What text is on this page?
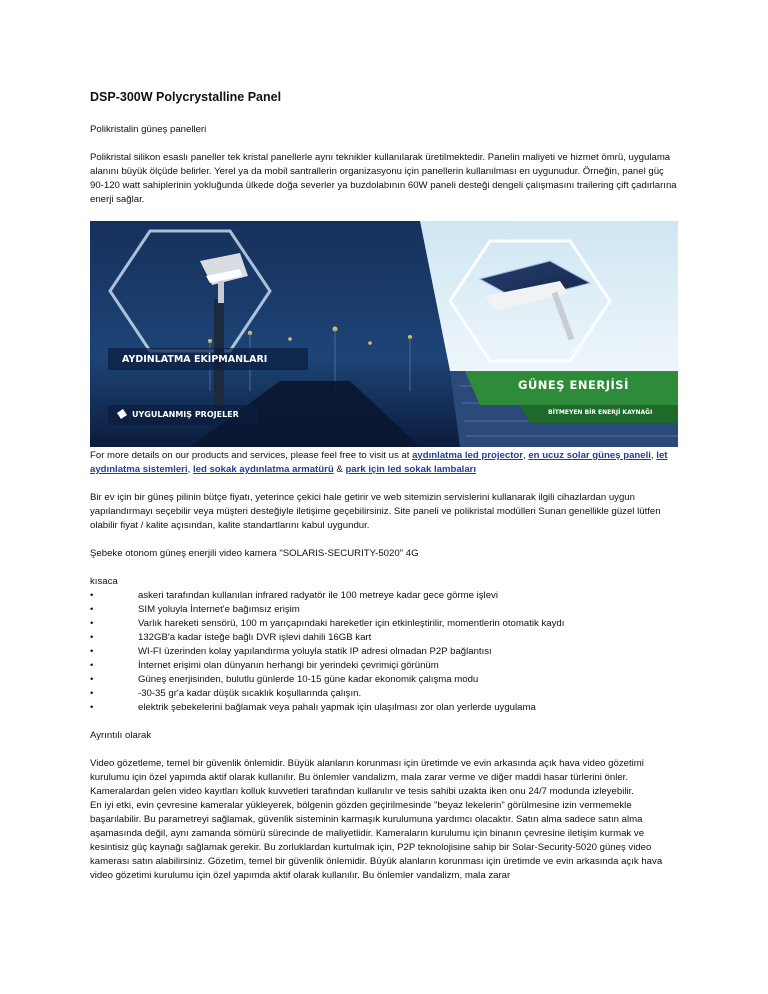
DSP-300W Polycrystalline Panel
Polikristalin güneş panelleri
Polikristal silikon esaslı paneller tek kristal panellerle aynı teknikler kullanılarak üretilmektedir. Panelin maliyeti ve hizmet ömrü, uygulama alanını büyük ölçüde belirler. Yerel ya da mobil santrallerin organizasyonu için panellerin kullanılması en uygunudur. Örneğin, panel güç 90-120 watt sahiplerinin yokluğunda ülkede doğa severler ya buzdolabının 60W paneli desteği dengeli çalışmasını trailering çift çadırlarına enerji sağlar.
AYDINLATMA EKİPMANLARI
UYGULANMIŞ PROJELER
GÜNEŞ ENERJİSİ
BİTMEYEN BİR ENERJİ KAYNAĞI
For more details on our products and services, please feel free to visit us at aydınlatma led projector, en ucuz solar güneş paneli, let aydınlatma sistemleri, led sokak aydınlatma armatürü & park için led sokak lambaları
Bir ev için bir güneş pilinin bütçe fiyatı, yeterince çekici hale getirir ve web sitemizin servislerini kullanarak ilgili cihazlardan uygun yapılandırmayı seçebilir veya müşteri desteğiyle iletişime geçebilirsiniz. Site paneli ve polikristal modülleri Sunan genellikle güzel lütfen olabilir fiyat / kalite açısından, kalite standartlarını kabul uygundur.
Şebeke otonom güneş enerjili video kamera "SOLARIS-SECURITY-5020" 4G
kısaca
•	askeri tarafından kullanılan infrared radyatör ile 100 metreye kadar gece görme işlevi
•	SIM yoluyla İnternet'e bağımsız erişim
•	Varlık hareketi sensörü, 100 m yarıçapındaki hareketler için etkinleştirilir, momentlerin otomatik kaydı
•	132GB'a kadar isteğe bağlı DVR işlevi dahili 16GB kart
•	WI-FI üzerinden kolay yapılandırma yoluyla statik IP adresi olmadan P2P bağlantısı
•	İnternet erişimi olan dünyanın herhangi bir yerindeki çevrimiçi görünüm
•	Güneş enerjisinden, bulutlu günlerde 10-15 güne kadar ekonomik çalışma modu
•	-30-35 gr'a kadar düşük sıcaklık koşullarında çalışın.
•	elektrik şebekelerini bağlamak veya pahalı yapmak için ulaşılması zor olan yerlerde uygulama
Ayrıntılı olarak
Video gözetleme, temel bir güvenlik önlemidir. Büyük alanların korunması için üretimde ve evin arkasında açık hava video gözetimi kurulumu için özel yapımda aktif olarak kullanılır. Bu önlemler vandalizm, mala zarar verme ve diğer maddi hasar türlerini önler. Kameralardan gelen video kayıtları kolluk kuvvetleri tarafından kullanılır ve tesis sahibi uzakta iken onu 24/7 modunda izleyebilir.
En iyi etki, evin çevresine kameralar yükleyerek, bölgenin gözden geçirilmesinde "beyaz lekelerin" görülmesine izin vermemekle başarılabilir. Bu parametreyi sağlamak, güvenlik sisteminin karmaşık kurulumuna yardımcı olacaktır. Satın alma sadece satın alma aşamasında değil, aynı zamanda sömürü sürecinde de maliyetlidir. Kameraların kurulumu için binanın çevresine iletişim kurmak ve kesintisiz güç kaynağı sağlamak gerekir. Bu zorluklardan kurtulmak için, P2P teknolojisine sahip bir Solar-Security-5020 güneş video kamerası satın alabilirsiniz. Gözetim, temel bir güvenlik önlemidir. Büyük alanların korunması için üretimde ve evin arkasında açık hava video gözetimi kurulumu için özel yapımda aktif olarak kullanılır. Bu önlemler vandalizm, mala zarar
